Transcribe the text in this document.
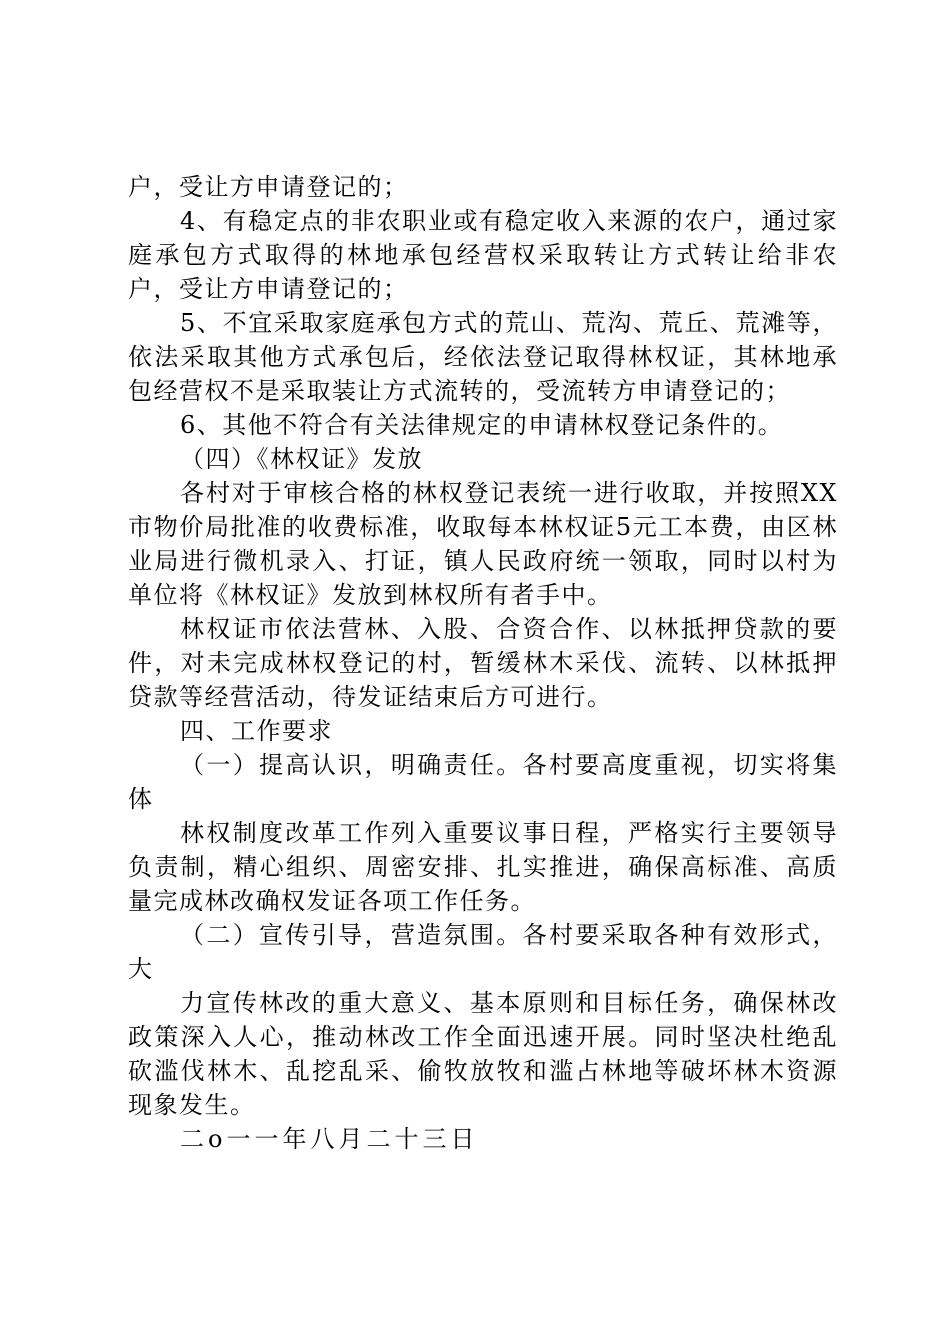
户，受让方申请登记的；

4、有稳定点的非农职业或有稳定收入来源的农户，通过家庭承包方式取得的林地承包经营权采取转让方式转让给非农户，受让方申请登记的；

5、不宜采取家庭承包方式的荒山、荒沟、荒丘、荒滩等，依法采取其他方式承包后，经依法登记取得林权证，其林地承包经营权不是采取装让方式流转的，受流转方申请登记的；

6、其他不符合有关法律规定的申请林权登记条件的。

（四）《林权证》发放

各村对于审核合格的林权登记表统一进行收取，并按照XX市物价局批准的收费标准，收取每本林权证5元工本费，由区林业局进行微机录入、打证，镇人民政府统一领取，同时以村为单位将《林权证》发放到林权所有者手中。

林权证市依法营林、入股、合资合作、以林抵押贷款的要件，对未完成林权登记的村，暂缓林木采伐、流转、以林抵押贷款等经营活动，待发证结束后方可进行。

四、工作要求

（一）提高认识，明确责任。各村要高度重视，切实将集体

林权制度改革工作列入重要议事日程，严格实行主要领导负责制，精心组织、周密安排、扎实推进，确保高标准、高质量完成林改确权发证各项工作任务。

（二）宣传引导，营造氛围。各村要采取各种有效形式，大

力宣传林改的重大意义、基本原则和目标任务，确保林改政策深入人心，推动林改工作全面迅速开展。同时坚决杜绝乱砍滥伐林木、乱挖乱采、偷牧放牧和滥占林地等破坏林木资源现象发生。

二o一一年八月二十三日
